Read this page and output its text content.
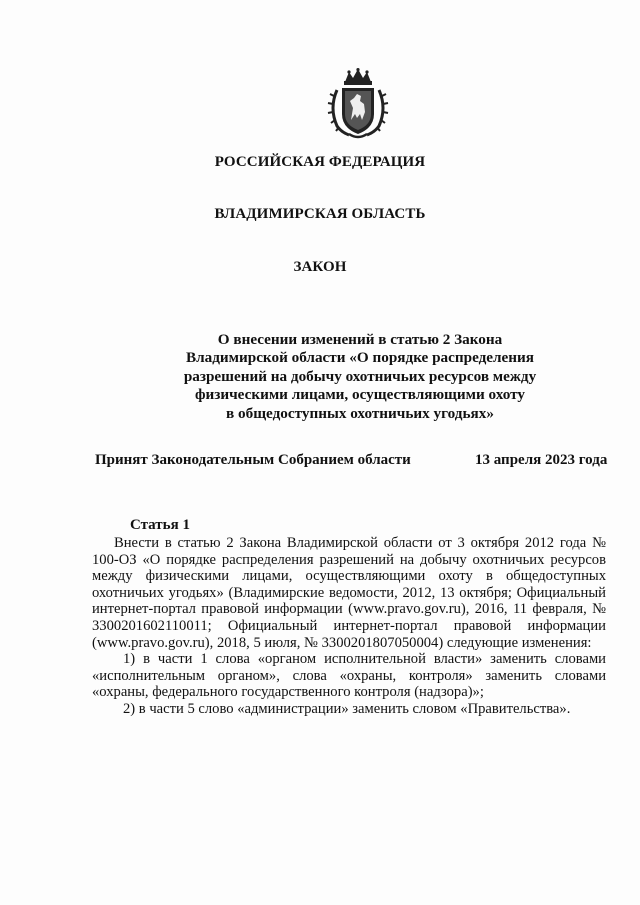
РОССИЙСКАЯ ФЕДЕРАЦИЯ
ВЛАДИМИРСКАЯ ОБЛАСТЬ
ЗАКОН
О внесении изменений в статью 2 Закона
Владимирской области «О порядке распределения
разрешений на добычу охотничьих ресурсов между
физическими лицами, осуществляющими охоту
в общедоступных охотничьих угодьях»
Принят Законодательным Собранием области	13 апреля 2023 года
Статья 1

Внести в статью 2 Закона Владимирской области от 3 октября 2012 года № 100-ОЗ «О порядке распределения разрешений на добычу охотничьих ресурсов между физическими лицами, осуществляющими охоту в общедоступных охотничьих угодьях» (Владимирские ведомости, 2012, 13 октября; Официальный интернет-портал правовой информации (www.pravo.gov.ru), 2016, 11 февраля, № 3300201602110011; Официальный интернет-портал правовой информации (www.pravo.gov.ru), 2018, 5 июля, № 3300201807050004) следующие изменения:

1) в части 1 слова «органом исполнительной власти» заменить словами «исполнительным органом», слова «охраны, контроля» заменить словами «охраны, федерального государственного контроля (надзора)»;

2) в части 5 слово «администрации» заменить словом «Правительства».
